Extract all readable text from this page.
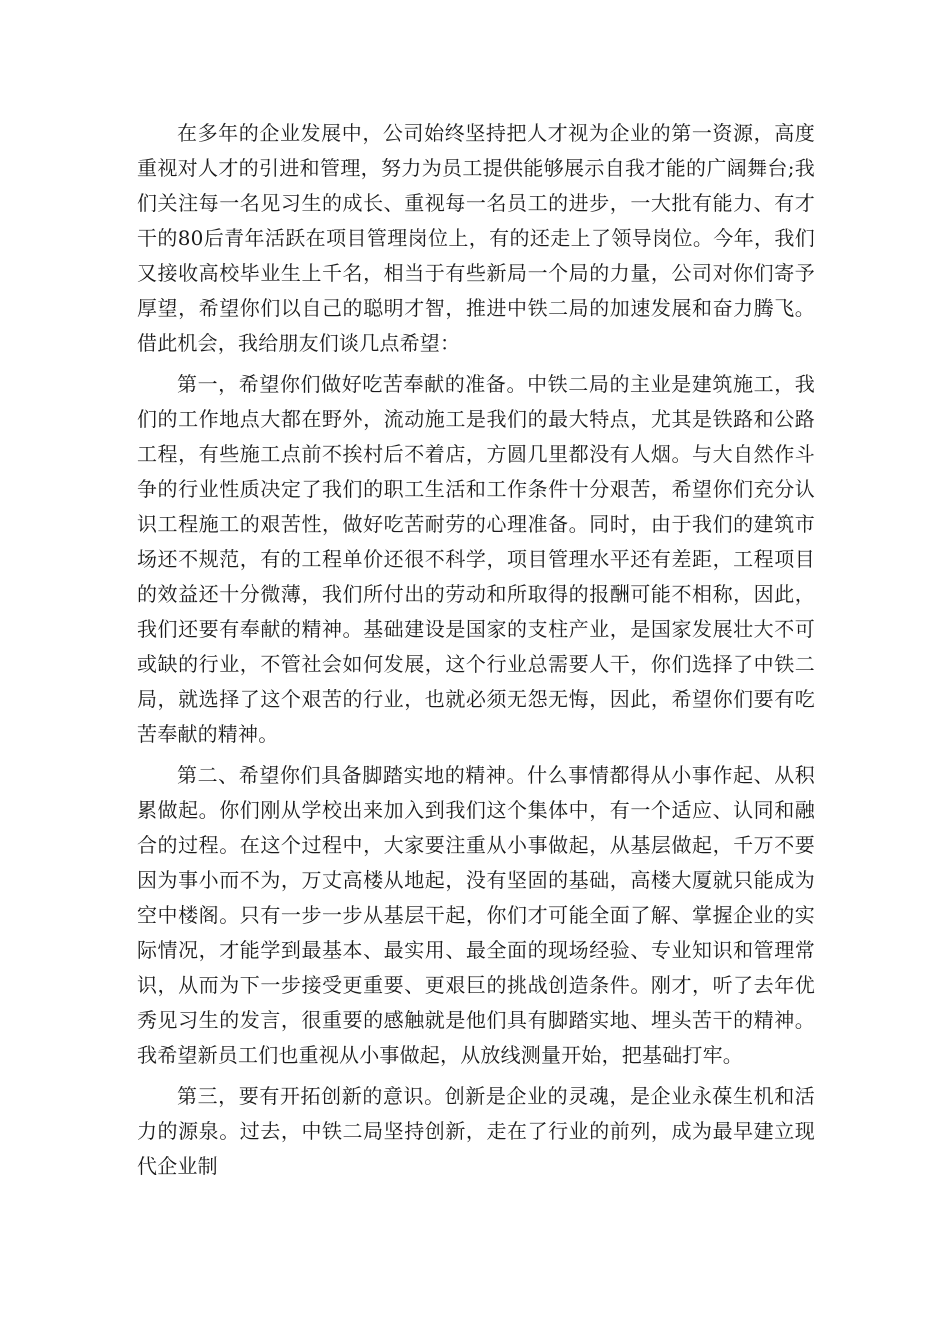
在多年的企业发展中，公司始终坚持把人才视为企业的第一资源，高度重视对人才的引进和管理，努力为员工提供能够展示自我才能的广阔舞台;我们关注每一名见习生的成长、重视每一名员工的进步，一大批有能力、有才干的80后青年活跃在项目管理岗位上，有的还走上了领导岗位。今年，我们又接收高校毕业生上千名，相当于有些新局一个局的力量，公司对你们寄予厚望，希望你们以自己的聪明才智，推进中铁二局的加速发展和奋力腾飞。借此机会，我给朋友们谈几点希望：

第一，希望你们做好吃苦奉献的准备。中铁二局的主业是建筑施工，我们的工作地点大都在野外，流动施工是我们的最大特点，尤其是铁路和公路工程，有些施工点前不挨村后不着店，方圆几里都没有人烟。与大自然作斗争的行业性质决定了我们的职工生活和工作条件十分艰苦，希望你们充分认识工程施工的艰苦性，做好吃苦耐劳的心理准备。同时，由于我们的建筑市场还不规范，有的工程单价还很不科学，项目管理水平还有差距，工程项目的效益还十分微薄，我们所付出的劳动和所取得的报酬可能不相称，因此，我们还要有奉献的精神。基础建设是国家的支柱产业，是国家发展壮大不可或缺的行业，不管社会如何发展，这个行业总需要人干，你们选择了中铁二局，就选择了这个艰苦的行业，也就必须无怨无悔，因此，希望你们要有吃苦奉献的精神。

第二、希望你们具备脚踏实地的精神。什么事情都得从小事作起、从积累做起。你们刚从学校出来加入到我们这个集体中，有一个适应、认同和融合的过程。在这个过程中，大家要注重从小事做起，从基层做起，千万不要因为事小而不为，万丈高楼从地起，没有坚固的基础，高楼大厦就只能成为空中楼阁。只有一步一步从基层干起，你们才可能全面了解、掌握企业的实际情况，才能学到最基本、最实用、最全面的现场经验、专业知识和管理常识，从而为下一步接受更重要、更艰巨的挑战创造条件。刚才，听了去年优秀见习生的发言，很重要的感触就是他们具有脚踏实地、埋头苦干的精神。我希望新员工们也重视从小事做起，从放线测量开始，把基础打牢。

第三，要有开拓创新的意识。创新是企业的灵魂，是企业永葆生机和活力的源泉。过去，中铁二局坚持创新，走在了行业的前列，成为最早建立现代企业制
